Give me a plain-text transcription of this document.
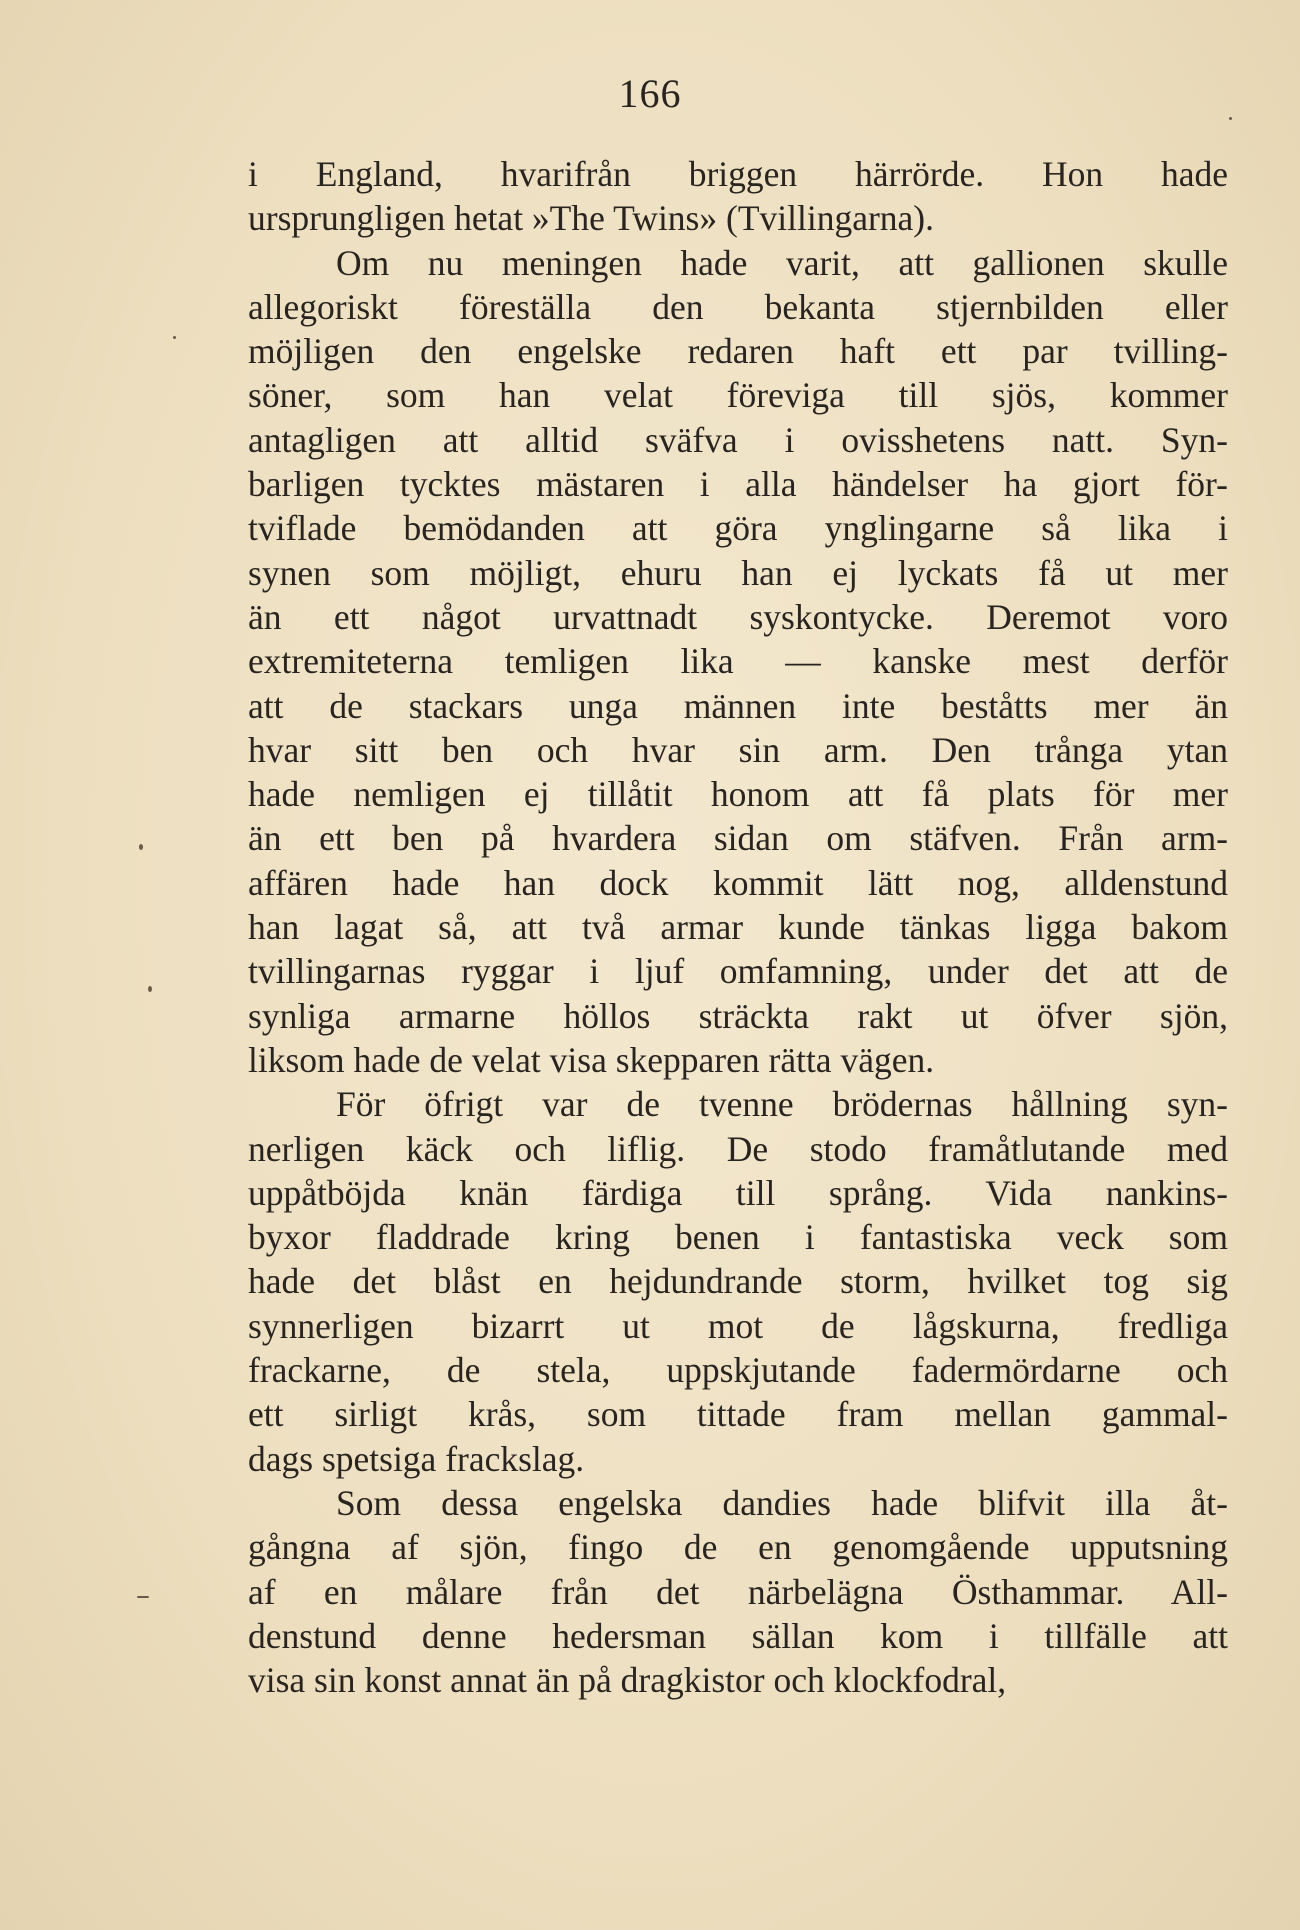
166
i England, hvarifrån briggen härrörde. Hon hade
ursprungligen hetat »The Twins» (Tvillingarna).
Om nu meningen hade varit, att gallionen skulle
allegoriskt föreställa den bekanta stjernbilden eller
möjligen den engelske redaren haft ett par tvilling-
söner, som han velat föreviga till sjös, kommer
antagligen att alltid sväfva i ovisshetens natt. Syn-
barligen tycktes mästaren i alla händelser ha gjort för-
tviflade bemödanden att göra ynglingarne så lika i
synen som möjligt, ehuru han ej lyckats få ut mer
än ett något urvattnadt syskontycke. Deremot voro
extremiteterna temligen lika — kanske mest derför
att de stackars unga männen inte beståtts mer än
hvar sitt ben och hvar sin arm. Den trånga ytan
hade nemligen ej tillåtit honom att få plats för mer
än ett ben på hvardera sidan om stäfven. Från arm-
affären hade han dock kommit lätt nog, alldenstund
han lagat så, att två armar kunde tänkas ligga bakom
tvillingarnas ryggar i ljuf omfamning, under det att de
synliga armarne höllos sträckta rakt ut öfver sjön,
liksom hade de velat visa skepparen rätta vägen.
För öfrigt var de tvenne brödernas hållning syn-
nerligen käck och liflig. De stodo framåtlutande med
uppåtböjda knän färdiga till språng. Vida nankins-
byxor fladdrade kring benen i fantastiska veck som
hade det blåst en hejdundrande storm, hvilket tog sig
synnerligen bizarrt ut mot de lågskurna, fredliga
frackarne, de stela, uppskjutande fadermördarne och
ett sirligt krås, som tittade fram mellan gammal-
dags spetsiga frackslag.
Som dessa engelska dandies hade blifvit illa åt-
gångna af sjön, fingo de en genomgående upputsning
af en målare från det närbelägna Östhammar. All-
denstund denne hedersman sällan kom i tillfälle att
visa sin konst annat än på dragkistor och klockfodral,
